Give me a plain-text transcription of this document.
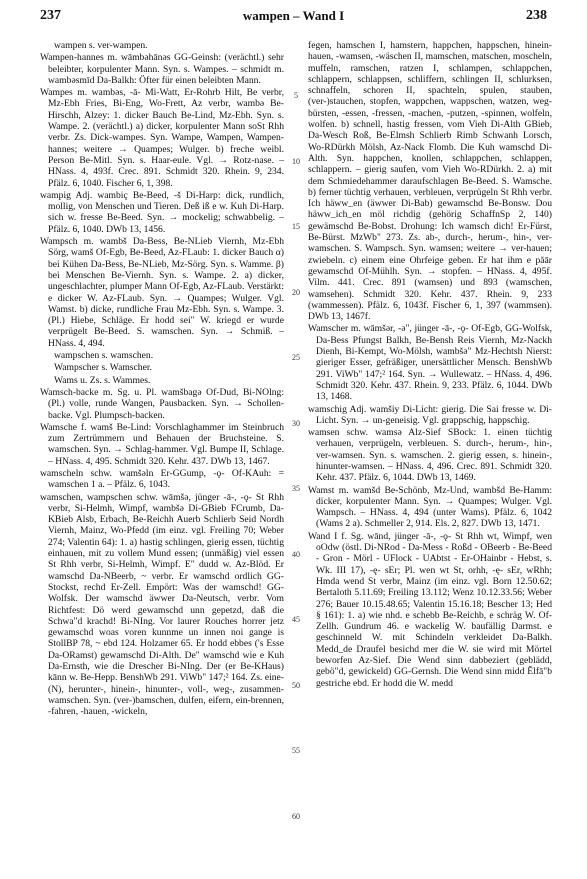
237	wampen – Wand I	238

wampen s. ver-wampen.

Wampen-hannes m. wāmbəhānəs GG-Geinsh: (verächtl.) sehr beleibter, korpulenter Mann. Syn. s. Wampes. – schmidt m. wambəsmīd Da-Balkh: Öfter für einen beleibten Mann.

Wampes m. wambəs, -ā- Mi-Watt, Er-Rohrb Hilt, Be verbr, Mz-Ebh Fries, Bi-Eng, Wo-Frett, Az verbr, wambə Be-Hirschh, Alzey: 1. dicker Bauch Be-Lind, Mz-Ebh. Syn. s. Wampe. 2. (verächtl.) a) dicker, korpulenter Mann soSt Rhh verbr. Zs. Dick-wampes. Syn. Wampe, Wampen, Wampen-hannes; weitere → Quampes; Wulger. b) freche weibl. Person Be-Mitl. Syn. s. Haar-eule. Vgl. → Rotz-nase. – HNass. 4, 493f. Crec. 891. Schmidt 320. Rhein. 9, 234. Pfälz. 6, 1040. Fischer 6, 1, 398.

wampig Adj. wambiç Be-Beed, -š Di-Harp: dick, rundlich, mollig, von Menschen und Tieren. Deß iß e w. Kuh Di-Harp. sich w. fresse Be-Beed. Syn. → mockelig; schwabbelig. – Pfälz. 6, 1040. DWb 13, 1456.

Wampsch m. wambš Da-Bess, Be-NLieb Viernh, Mz-Ebh Sörg, wamš Of-Egb, Be-Beed, Az-FLaub: 1. dicker Bauch α) bei Kühen Da-Bess, Be-NLieb, Mz-Sörg. Syn. s. Wamme. β) bei Menschen Be-Viernh. Syn. s. Wampe. 2. a) dicker, ungeschlachter, plumper Mann Of-Egb, Az-FLaub. Verstärkt: e dicker W. Az-FLaub. Syn. → Quampes; Wulger. Vgl. Wamst. b) dicke, rundliche Frau Mz-Ebh. Syn. s. Wampe. 3. (Pl.) Hiebe, Schläge. Er hodd sei" W. kriegd er wurde verprügelt Be-Beed. S. wamschen. Syn. → Schmiß. – HNass. 4, 494.

wampschen s. wamschen.

Wampscher s. Wamscher.

Wams u. Zs. s. Wammes.

Wamsch-backe m. Sg. u. Pl. wamšbagə Of-Dud, Bi-NOlng: (Pl.) volle, runde Wangen, Pausbacken. Syn. → Schollen-backe. Vgl. Plumpsch-backen.

Wamsche f. wamš Be-Lind: Vorschlaghammer im Steinbruch zum Zertrümmern und Behauen der Bruchsteine. S. wamschen. Syn. → Schlag-hammer. Vgl. Bumpe II, Schlage. – HNass. 4, 495. Schmidt 320. Kehr. 437. DWb 13, 1467.

wamscheln schw. wamšəln Er-GGump, -ǫ- Of-KAuh: = wamschen 1 a. – Pfälz. 6, 1043.

wamschen, wampschen schw. wāmšə, jünger -ā-, -ǫ- St Rhh verbr, Si-Helmh, Wimpf, wambšə Di-GBieb FCrumb, Da-KBieb Alsb, Erbach, Be-Reichh Auerb Schlierb Seid Nordh Viernh, Mainz, Wo-Pfedd (im einz. vgl. Freiling 70; Weber 274; Valentin 64): 1. a) hastig schlingen, gierig essen, tüchtig einhauen, mit zu vollem Mund essen; (unmäßig) viel essen St Rhh verbr, Si-Helmh, Wimpf. E" dudd w. Az-Blöd. Er wamschd Da-NBeerb, ~ verbr. Er wamschd ordlich GG-Stockst, rechd Er-Zell. Empört: Was der wamschd! GG-Wolfsk. Der wamschd äwwer Da-Neutsch, verbr. Vom Richtfest: Dö werd gewamschd unn gepetzd, daß die Schwa"d krachd! Bi-NIng. Vor laurer Rouches horrer jetz gewamschd woas voren kunnme un innen noi gange is StollBP 78, ~ ebd 124. Holzamer 65. Er hodd ebbes ('s Esse Da-ORamst) gewamschd Di-Alth. De" wamschd wie e Kuh Da-Ernsth, wie die Drescher Bi-NIng. Der (er Be-KHaus) kānn w. Be-Hepp. BenshWb 291. ViWb" 147;² 164. Zs. eine- (N), herunter-, hinein-, hinunter-, voll-, weg-, zusammen-wamschen. Syn. (ver-)bamschen, dulfen, eifern, ein-brennen, -fahren, -hauen, -wickeln,

5
10
15
20
25
30
35
40
45
50
55
60

fegen, hamschen I, hamstern, happchen, happschen, hinein-hauen, -wamsen, -wäschen II, mamschen, matschen, moscheln, muffeln, ramschen, ratzen I, schlampen, schlappchen, schlappern, schlappsen, schliffern, schlingen II, schlurksen, schnaffeln, schoren II, spachteln, spulen, stauben, (ver-)stauchen, stopfen, wappchen, wappschen, watzen, weg-bürsten, -essen, -fressen, -machen, -putzen, -spinnen, wolfeln, wolfen. b) schnell, hastig fressen, vom Vieh Di-Alth GBieb, Da-Wesch Roß, Be-Elmsh Schlierb Rimb Schwanh Lorsch, Wo-RDürkh Mölsh, Az-Nack Flomb. Die Kuh wamschd Di-Alth. Syn. happchen, knollen, schlappchen, schlappen, schlappern. – gierig saufen, vom Vieh Wo-RDürkh. 2. a) mit dem Schmiedehammer daraufschlagen Be-Beed. S. Wamsche. b) ferner tüchtig verhauen, verbleuen, verprügeln St Rhh verbr. Ich häww_en (äwwer Di-Bab) gewamschd Be-Bonsw. Dou häww_ich_en möl richdig (gehörig SchaffnSp 2, 140) gewämschd Be-Bobst. Drohung: Ich wamsch dich! Er-Fürst, Be-Bürst. MzWb" 273. Zs. ab-, durch-, herum-, hin-, ver-wamschen. S. Wampsch. Syn. wamsen; weitere → ver-hauen; zwiebeln. c) einem eine Ohrfeige geben. Er hat ihm e păār gewamschd Of-Mühlh. Syn. → stopfen. – HNass. 4, 495f. Vilm. 441. Crec. 891 (wamsen) und 893 (wamschen, wamsehen). Schmidt 320. Kehr. 437. Rhein. 9, 233 (wammessen). Pfälz. 6, 1043f. Fischer 6, 1, 397 (wammsen). DWb 13, 1467f.

Wamscher m. wāmšər, -ə", jünger -ā-, -ǫ- Of-Egb, GG-Wolfsk, Da-Bess Pfungst Balkh, Be-Bensh Reis Viernh, Mz-Nackh Dienh, Bi-Kempt, Wo-Mölsh, wambšə" Mz-Hechtsh Nierst: gieriger Esser, gefräßiger, unersättlicher Mensch. BenshWb 291. ViWb" 147;² 164. Syn. → Wullewatz. – HNass. 4, 496. Schmidt 320. Kehr. 437. Rhein. 9, 233. Pfälz. 6, 1044. DWb 13, 1468.

wamschig Adj. wamšiy Di-Licht: gierig. Die Sai fresse w. Di-Licht. Syn. → un-geneisig. Vgl. grappschig, happschig.

wamsen schw. wamsə Alz-Sief SBock: 1. einen tüchtig verhauen, verprügeln, verbleuen. S. durch-, herum-, hin-, ver-wamsen. Syn. s. wamschen. 2. gierig essen, s. hinein-, hinunter-wamsen. – HNass. 4, 496. Crec. 891. Schmidt 320. Kehr. 437. Pfälz. 6, 1044. DWb 13, 1469.

Wamst m. wamšd Be-Schönb, Mz-Und, wambšd Be-Hamm: dicker, korpulenter Mann. Syn. → Quampes; Wulger. Vgl. Wampsch. – HNass. 4, 494 (unter Wams). Pfälz. 6, 1042 (Wams 2 a). Schmeller 2, 914. Els. 2, 827. DWb 13, 1471.

Wand I f. Sg. wānd, jünger -ā-, -ǫ- St Rhh wt, Wimpf, wen oOdw (östl. Di-NRod - Da-Mess - Roßd - OBeerb - Be-Beed - Gron - Mörl - UFlock - UAbtst - Er-OHainbr - Hebst, s. Wk. III 17), -ę- sEr; Pl. wen wt St, orhh, -ę- sEr, wRhh; Hmda wend St verbr, Mainz (im einz. vgl. Born 12.50.62; Bertaloth 5.11.69; Freiling 13.112; Wenz 10.12.33.56; Weber 276; Bauer 10.15.48.65; Valentin 15.16.18; Bescher 13; Hed § 161): 1. a) wie nhd. e schebb Be-Reichb, e schräg W. Of-Zellh. Gundrum 46. e wackelig W. baufällig Darmst. e geschinneld W. mit Schindeln verkleidet Da-Balkh. Medd_de Draufel besichd mer die W. sie wird mit Mörtel beworfen Az-Sief. Die Wend sinn dabbeziert (geblädd, gebö"d, gewickeld) GG-Gernsh. Die Wend sinn midd Ělfā"b gestriche ebd. Er hodd die W. medd
